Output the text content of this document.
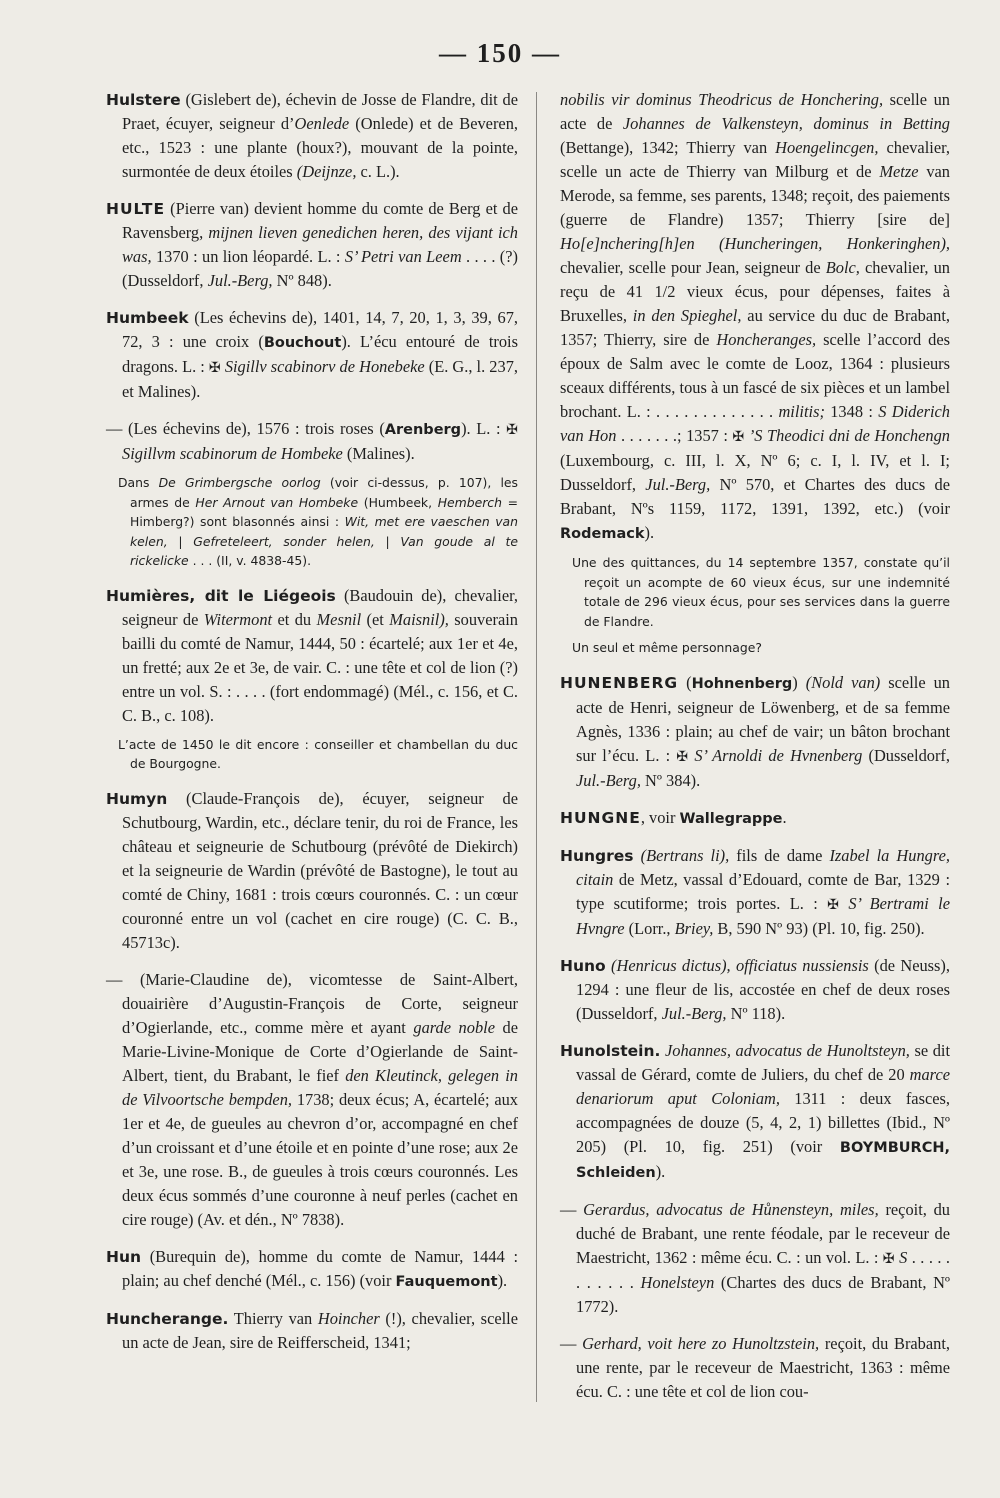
— 150 —

Hulstere (Gislebert de), échevin de Josse de Flandre, dit de Praet, écuyer, seigneur d’Oenlede (Onlede) et de Beveren, etc., 1523 : une plante (houx?), mouvant de la pointe, surmontée de deux étoiles (Deijnze, c. L.).

HULTE (Pierre van) devient homme du comte de Berg et de Ravensberg, mijnen lieven genedichen heren, des vijant ich was, 1370 : un lion léopardé. L. : S’ Petri van Leem . . . . (?) (Dusseldorf, Jul.-Berg, Nº 848).

Humbeek (Les échevins de), 1401, 14, 7, 20, 1, 3, 39, 67, 72, 3 : une croix (Bouchout). L’écu entouré de trois dragons. L. : ✠ Sigillv scabinorv de Honebeke (E. G., l. 237, et Malines).

— (Les échevins de), 1576 : trois roses (Arenberg). L. : ✠ Sigillvm scabinorum de Hombeke (Malines).

Dans De Grimbergsche oorlog (voir ci-dessus, p. 107), les armes de Her Arnout van Hombeke (Humbeek, Hemberch = Himberg?) sont blasonnés ainsi : Wit, met ere vaeschen van kelen, | Gefreteleert, sonder helen, | Van goude al te rickelicke . . . (II, v. 4838-45).

Humières, dit le Liégeois (Baudouin de), chevalier, seigneur de Witermont et du Mesnil (et Maisnil), souverain bailli du comté de Namur, 1444, 50 : écartelé; aux 1er et 4e, un fretté; aux 2e et 3e, de vair. C. : une tête et col de lion (?) entre un vol. S. : . . . . (fort endommagé) (Mél., c. 156, et C. C. B., c. 108).

L’acte de 1450 le dit encore : conseiller et chambellan du duc de Bourgogne.

Humyn (Claude-François de), écuyer, seigneur de Schutbourg, Wardin, etc., déclare tenir, du roi de France, les château et seigneurie de Schutbourg (prévôté de Diekirch) et la seigneurie de Wardin (prévôté de Bastogne), le tout au comté de Chiny, 1681 : trois cœurs couronnés. C. : un cœur couronné entre un vol (cachet en cire rouge) (C. C. B., 45713c).

— (Marie-Claudine de), vicomtesse de Saint-Albert, douairière d’Augustin-François de Corte, seigneur d’Ogierlande, etc., comme mère et ayant garde noble de Marie-Livine-Monique de Corte d’Ogierlande de Saint-Albert, tient, du Brabant, le fief den Kleutinck, gelegen in de Vilvoortsche bempden, 1738; deux écus; A, écartelé; aux 1er et 4e, de gueules au chevron d’or, accompagné en chef d’un croissant et d’une étoile et en pointe d’une rose; aux 2e et 3e, une rose. B., de gueules à trois cœurs couronnés. Les deux écus sommés d’une couronne à neuf perles (cachet en cire rouge) (Av. et dén., Nº 7838).

Hun (Burequin de), homme du comte de Namur, 1444 : plain; au chef denché (Mél., c. 156) (voir Fauquemont).

Huncherange. Thierry van Hoincher (!), chevalier, scelle un acte de Jean, sire de Reifferscheid, 1341;

nobilis vir dominus Theodricus de Honchering, scelle un acte de Johannes de Valkensteyn, dominus in Betting (Bettange), 1342; Thierry van Hoengelincgen, chevalier, scelle un acte de Thierry van Milburg et de Metze van Merode, sa femme, ses parents, 1348; reçoit, des paiements (guerre de Flandre) 1357; Thierry [sire de] Ho[e]nchering[h]en (Huncheringen, Honkeringhen), chevalier, scelle pour Jean, seigneur de Bolc, chevalier, un reçu de 41 1/2 vieux écus, pour dépenses, faites à Bruxelles, in den Spieghel, au service du duc de Brabant, 1357; Thierry, sire de Honcheranges, scelle l’accord des époux de Salm avec le comte de Looz, 1364 : plusieurs sceaux différents, tous à un fascé de six pièces et un lambel brochant. L. : . . . . . . . . . . . . . militis; 1348 : S Diderich van Hon . . . . . . .; 1357 : ✠ ’S Theodici dni de Honchengn (Luxembourg, c. III, l. X, Nº 6; c. I, l. IV, et l. I; Dusseldorf, Jul.-Berg, Nº 570, et Chartes des ducs de Brabant, Nºs 1159, 1172, 1391, 1392, etc.) (voir Rodemack).

Une des quittances, du 14 septembre 1357, constate qu’il reçoit un acompte de 60 vieux écus, sur une indemnité totale de 296 vieux écus, pour ses services dans la guerre de Flandre.

Un seul et même personnage?

HUNENBERG (Hohnenberg) (Nold van) scelle un acte de Henri, seigneur de Löwenberg, et de sa femme Agnès, 1336 : plain; au chef de vair; un bâton brochant sur l’écu. L. : ✠ S’ Arnoldi de Hvnenberg (Dusseldorf, Jul.-Berg, Nº 384).

HUNGNE, voir Wallegrappe.

Hungres (Bertrans li), fils de dame Izabel la Hungre, citain de Metz, vassal d’Edouard, comte de Bar, 1329 : type scutiforme; trois portes. L. : ✠ S’ Bertrami le Hvngre (Lorr., Briey, B, 590 Nº 93) (Pl. 10, fig. 250).

Huno (Henricus dictus), officiatus nussiensis (de Neuss), 1294 : une fleur de lis, accostée en chef de deux roses (Dusseldorf, Jul.-Berg, Nº 118).

Hunolstein. Johannes, advocatus de Hunoltsteyn, se dit vassal de Gérard, comte de Juliers, du chef de 20 marce denariorum aput Coloniam, 1311 : deux fasces, accompagnées de douze (5, 4, 2, 1) billettes (Ibid., Nº 205) (Pl. 10, fig. 251) (voir BOYMBURCH, Schleiden).

— Gerardus, advocatus de Hůnensteyn, miles, reçoit, du duché de Brabant, une rente féodale, par le receveur de Maestricht, 1362 : même écu. C. : un vol. L. : ✠ S . . . . . . . . . . . Honelsteyn (Chartes des ducs de Brabant, Nº 1772).

— Gerhard, voit here zo Hunoltzstein, reçoit, du Brabant, une rente, par le receveur de Maestricht, 1363 : même écu. C. : une tête et col de lion cou-
